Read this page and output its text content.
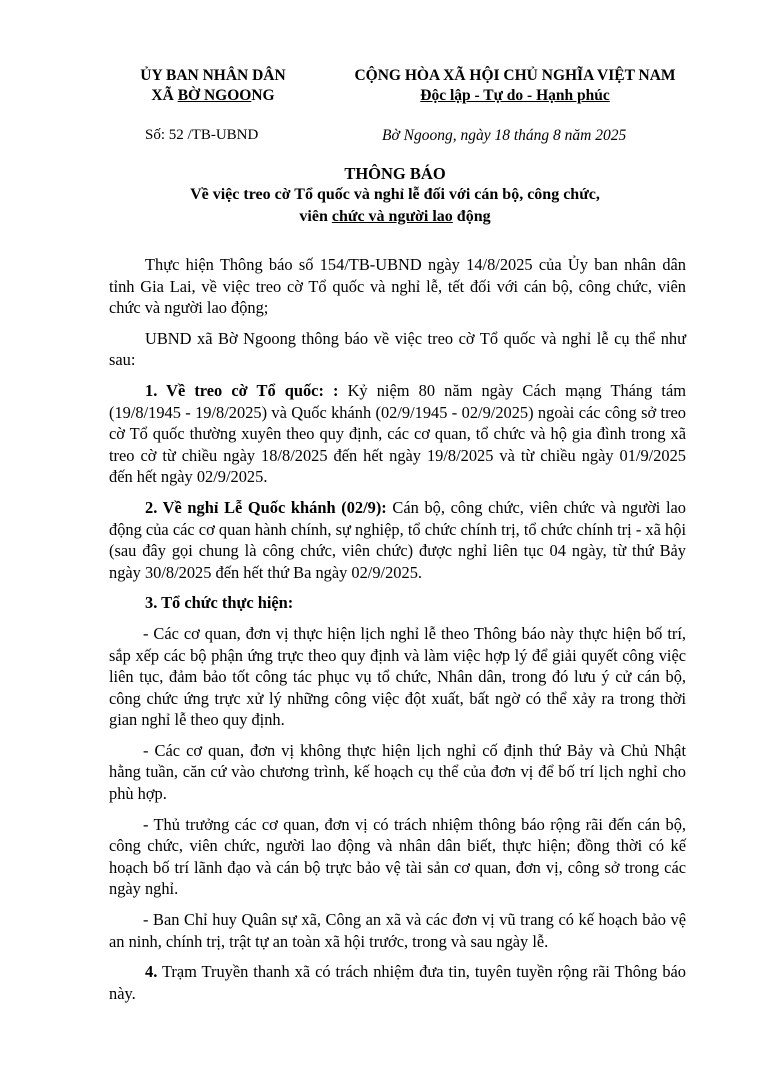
ỦY BAN NHÂN DÂN
XÃ BỜ NGOONG
CỘNG HÒA XÃ HỘI CHỦ NGHĨA VIỆT NAM
Độc lập - Tự do - Hạnh phúc
Số: 52 /TB-UBND	Bờ Ngoong, ngày 18 tháng 8 năm 2025
THÔNG BÁO
Về việc treo cờ Tổ quốc và nghỉ lễ đối với cán bộ, công chức,
viên chức và người lao động

Thực hiện Thông báo số 154/TB-UBND ngày 14/8/2025 của Ủy ban nhân dân tỉnh Gia Lai, về việc treo cờ Tổ quốc và nghỉ lễ, tết đối với cán bộ, công chức, viên chức và người lao động;

UBND xã Bờ Ngoong thông báo về việc treo cờ Tổ quốc và nghỉ lễ cụ thể như sau:

1. Về treo cờ Tổ quốc: : Kỷ niệm 80 năm ngày Cách mạng Tháng tám (19/8/1945 - 19/8/2025) và Quốc khánh (02/9/1945 - 02/9/2025) ngoài các công sở treo cờ Tổ quốc thường xuyên theo quy định, các cơ quan, tổ chức và hộ gia đình trong xã treo cờ từ chiều ngày 18/8/2025 đến hết ngày 19/8/2025 và từ chiều ngày 01/9/2025 đến hết ngày 02/9/2025.

2. Về nghỉ Lễ Quốc khánh (02/9): Cán bộ, công chức, viên chức và người lao động của các cơ quan hành chính, sự nghiệp, tổ chức chính trị, tổ chức chính trị - xã hội (sau đây gọi chung là công chức, viên chức) được nghỉ liên tục 04 ngày, từ thứ Bảy ngày 30/8/2025 đến hết thứ Ba ngày 02/9/2025.

3. Tổ chức thực hiện:

- Các cơ quan, đơn vị thực hiện lịch nghỉ lễ theo Thông báo này thực hiện bố trí, sắp xếp các bộ phận ứng trực theo quy định và làm việc hợp lý để giải quyết công việc liên tục, đảm bảo tốt công tác phục vụ tổ chức, Nhân dân, trong đó lưu ý cử cán bộ, công chức ứng trực xử lý những công việc đột xuất, bất ngờ có thể xảy ra trong thời gian nghỉ lễ theo quy định.

- Các cơ quan, đơn vị không thực hiện lịch nghỉ cố định thứ Bảy và Chủ Nhật hằng tuần, căn cứ vào chương trình, kế hoạch cụ thể của đơn vị để bố trí lịch nghỉ cho phù hợp.

- Thủ trưởng các cơ quan, đơn vị có trách nhiệm thông báo rộng rãi đến cán bộ, công chức, viên chức, người lao động và nhân dân biết, thực hiện; đồng thời có kế hoạch bố trí lãnh đạo và cán bộ trực bảo vệ tài sản cơ quan, đơn vị, công sở trong các ngày nghỉ.

- Ban Chỉ huy Quân sự xã, Công an xã và các đơn vị vũ trang có kế hoạch bảo vệ an ninh, chính trị, trật tự an toàn xã hội trước, trong và sau ngày lễ.

4. Trạm Truyền thanh xã có trách nhiệm đưa tin, tuyên tuyền rộng rãi Thông báo này.
